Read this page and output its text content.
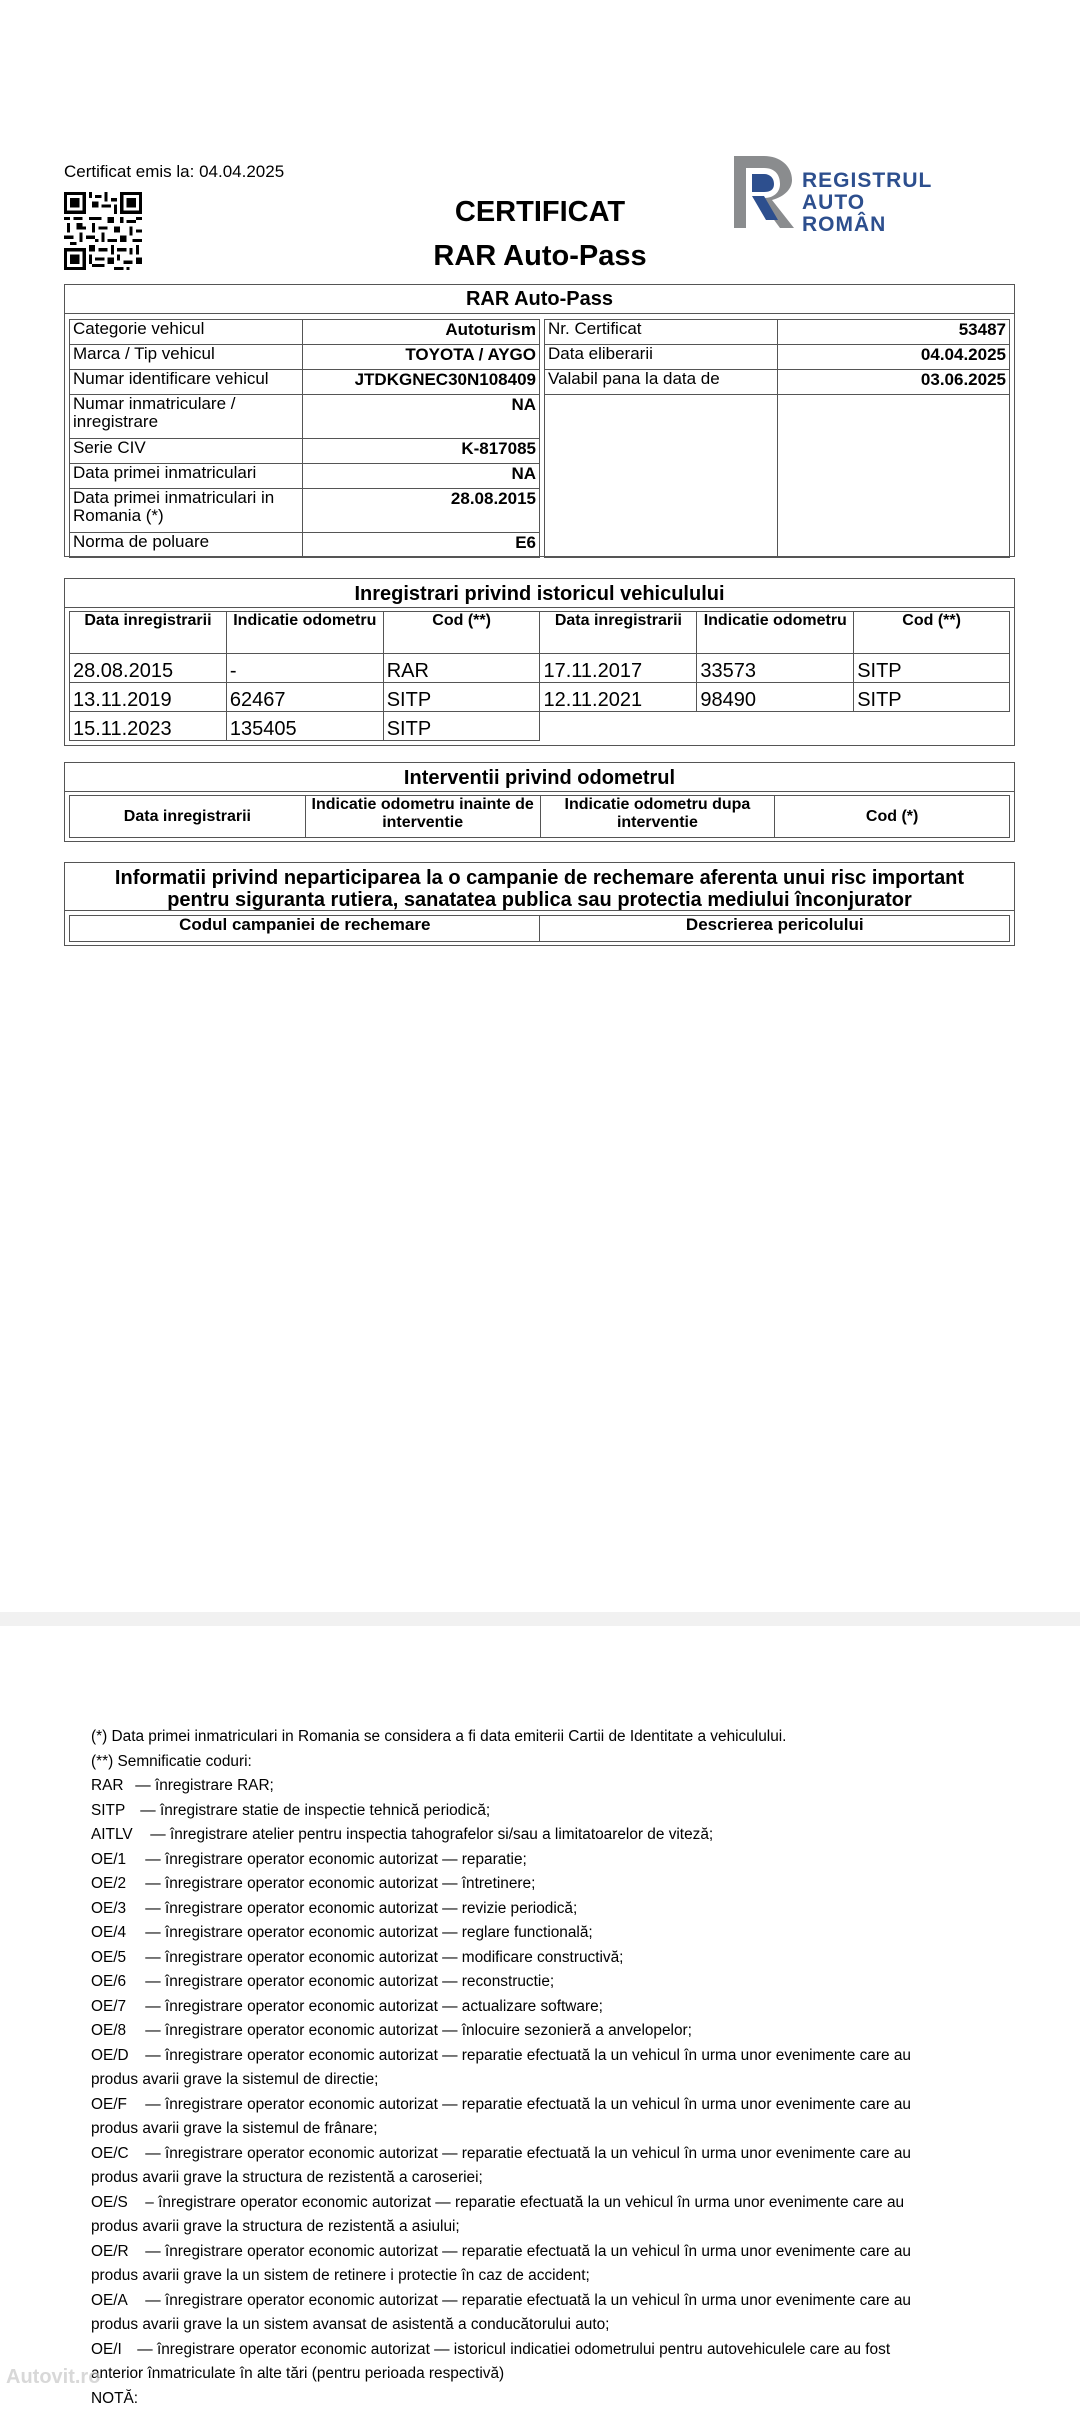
Certificat emis la: 04.04.2025
CERTIFICAT
RAR Auto-Pass
REGISTRUL
AUTO ROMÂN
RAR Auto-Pass
Categorie vehicul	Autoturism
Marca / Tip vehicul	TOYOTA / AYGO
Numar identificare vehicul	JTDKGNEC30N108409
Numar inmatriculare / inregistrare	NA
Serie CIV	K-817085
Data primei inmatriculari	NA
Data primei inmatriculari in Romania (*)	28.08.2015
Norma de poluare	E6
Nr. Certificat	53487
Data eliberarii	04.04.2025
Valabil pana la data de	03.06.2025

Inregistrari privind istoricul vehiculului
Data inregistrarii	Indicatie odometru	Cod (**)	Data inregistrarii	Indicatie odometru	Cod (**)
28.08.2015	-	RAR	17.11.2017	33573	SITP
13.11.2019	62467	SITP	12.11.2021	98490	SITP
15.11.2023	135405	SITP			
Interventii privind odometrul
Data inregistrarii	Indicatie odometru inainte de interventie	Indicatie odometru dupa interventie	Cod (*)
Informatii privind neparticiparea la o campanie de rechemare aferenta unui risc important
pentru siguranta rutiera, sanatatea publica sau protectia mediului înconjurator
Codul campaniei de rechemare	Descrierea pericolului
(*) Data primei inmatriculari in Romania se considera a fi data emiterii Cartii de Identitate a vehiculului.
(**) Semnificatie coduri:
RAR — înregistrare RAR;
SITP — înregistrare statie de inspectie tehnică periodică;
AITLV — înregistrare atelier pentru inspectia tahografelor si/sau a limitatoarelor de viteză;
OE/1 — înregistrare operator economic autorizat — reparatie;
OE/2 — înregistrare operator economic autorizat — întretinere;
OE/3 — înregistrare operator economic autorizat — revizie periodică;
OE/4 — înregistrare operator economic autorizat — reglare functională;
OE/5 — înregistrare operator economic autorizat — modificare constructivă;
OE/6 — înregistrare operator economic autorizat — reconstructie;
OE/7 — înregistrare operator economic autorizat — actualizare software;
OE/8 — înregistrare operator economic autorizat — înlocuire sezonieră a anvelopelor;
OE/D — înregistrare operator economic autorizat — reparatie efectuată la un vehicul în urma unor evenimente care au
produs avarii grave la sistemul de directie;
OE/F — înregistrare operator economic autorizat — reparatie efectuată la un vehicul în urma unor evenimente care au
produs avarii grave la sistemul de frânare;
OE/C — înregistrare operator economic autorizat — reparatie efectuată la un vehicul în urma unor evenimente care au
produs avarii grave la structura de rezistentă a caroseriei;
OE/S – înregistrare operator economic autorizat — reparatie efectuată la un vehicul în urma unor evenimente care au
produs avarii grave la structura de rezistentă a asiului;
OE/R — înregistrare operator economic autorizat — reparatie efectuată la un vehicul în urma unor evenimente care au
produs avarii grave la un sistem de retinere i protectie în caz de accident;
OE/A — înregistrare operator economic autorizat — reparatie efectuată la un vehicul în urma unor evenimente care au
produs avarii grave la un sistem avansat de asistentă a conducătorului auto;
OE/I — înregistrare operator economic autorizat — istoricul indicatiei odometrului pentru autovehiculele care au fost
anterior înmatriculate în alte tări (pentru perioada respectivă)
NOTĂ:
Autovit.ro
